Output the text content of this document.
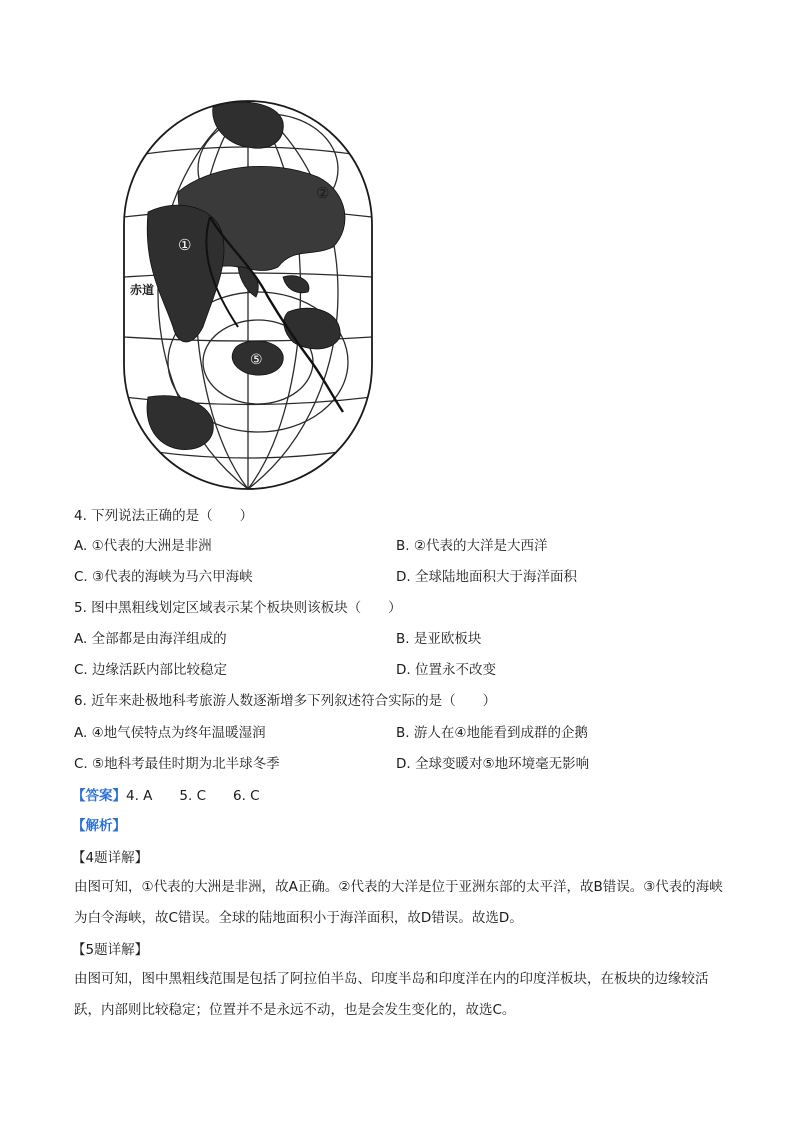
①
②
⑤
赤道
4. 下列说法正确的是（　　）
A. ①代表的大洲是非洲	B. ②代表的大洋是大西洋
C. ③代表的海峡为马六甲海峡	D. 全球陆地面积大于海洋面积
5. 图中黑粗线划定区域表示某个板块则该板块（　　）
A. 全部都是由海洋组成的	B. 是亚欧板块
C. 边缘活跃内部比较稳定	D. 位置永不改变
6. 近年来赴极地科考旅游人数逐渐增多下列叙述符合实际的是（　　）
A. ④地气侯特点为终年温暖湿润	B. 游人在④地能看到成群的企鹅
C. ⑤地科考最佳时期为北半球冬季	D. 全球变暖对⑤地环境毫无影响
【答案】4. A　　5. C　　6. C
【解析】
【4题详解】
由图可知，①代表的大洲是非洲，故A正确。②代表的大洋是位于亚洲东部的太平洋，故B错误。③代表的海峡为白令海峡，故C错误。全球的陆地面积小于海洋面积，故D错误。故选D。
【5题详解】
由图可知，图中黑粗线范围是包括了阿拉伯半岛、印度半岛和印度洋在内的印度洋板块，在板块的边缘较活跃，内部则比较稳定；位置并不是永远不动，也是会发生变化的，故选C。
